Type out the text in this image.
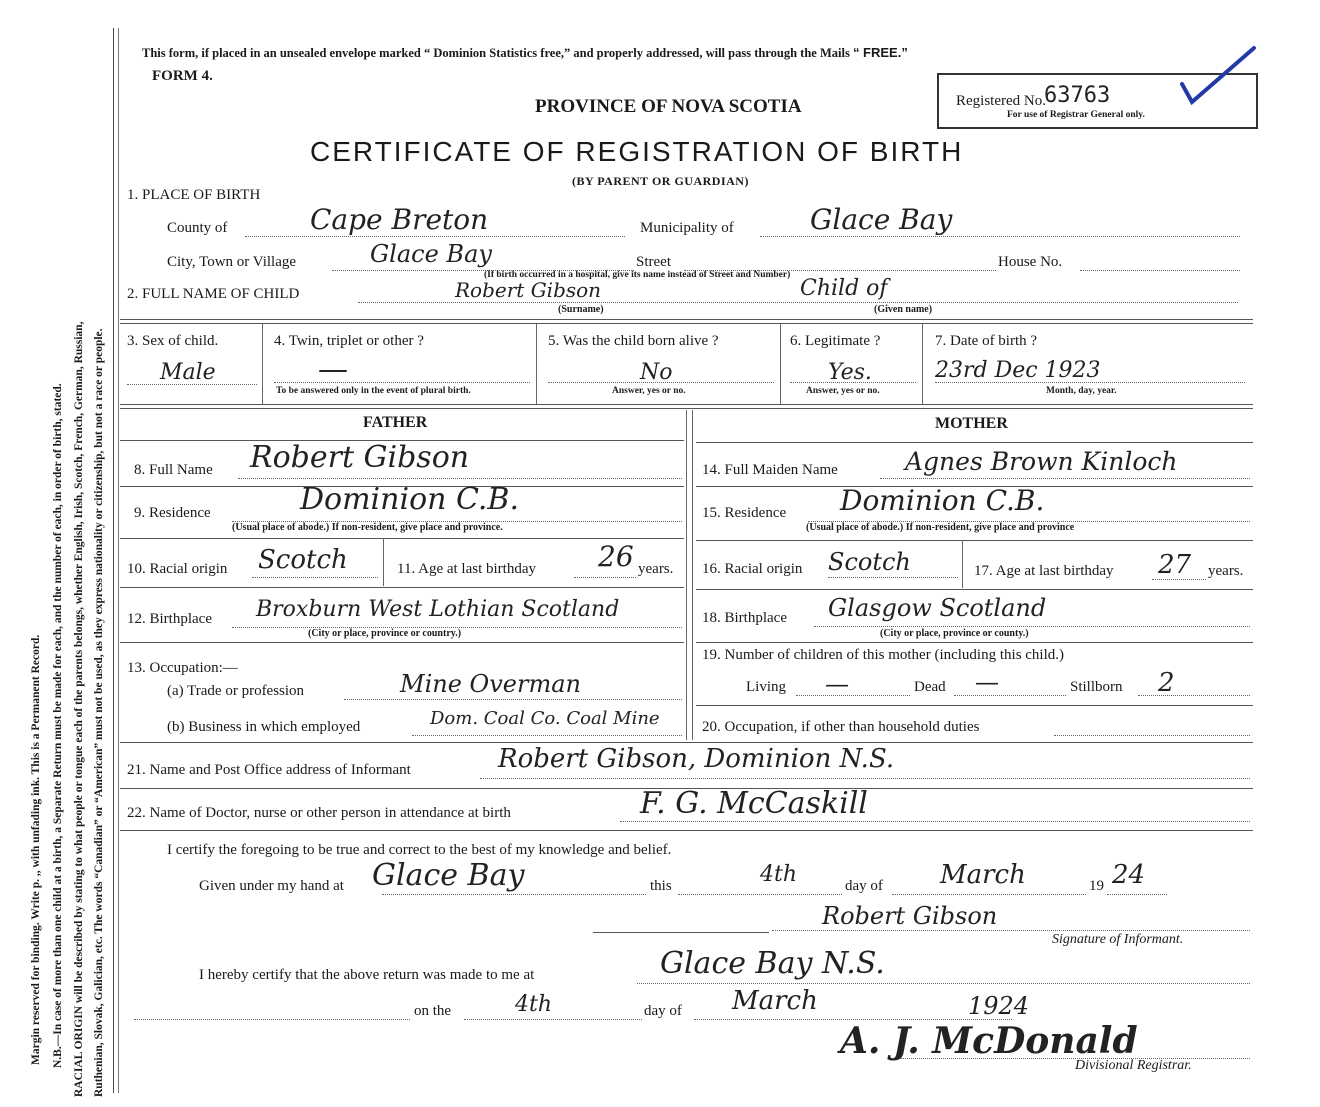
Margin reserved for binding. Write p. ,, with unfading ink. This is a Permanent Record. N.B.—In case of more than one child at a birth, a Separate Return must be made for each, and the number of each, in order of birth, stated. RACIAL ORIGIN will be described by stating to what people or tongue each of the parents belongs, whether English, Irish, Scotch, French, German, Russian, Ruthenian, Slovak, Galician, etc. The words “Canadian” or “American” must not be used, as they express nationality or citizenship, but not a race or people.
This form, if placed in an unsealed envelope marked “ Dominion Statistics free,” and properly addressed, will pass through the Mails “ FREE.”
FORM 4.
PROVINCE OF NOVA SCOTIA
CERTIFICATE OF REGISTRATION OF BIRTH
(BY PARENT OR GUARDIAN)
Registered No.
63763
For use of Registrar General only.
1. PLACE OF BIRTH
County of	Cape Breton	Municipality of	Glace Bay
City, Town or Village	Glace Bay	Street	House No.
(If birth occurred in a hospital, give its name instead of Street and Number)
2. FULL NAME OF CHILD	Robert Gibson	Child of
(Surname)	(Given name)
3. Sex of child.
Male
4. Twin, triplet or other ?
—
To be answered only in the event of plural birth.
5. Was the child born alive ?
No
Answer, yes or no.
6. Legitimate ?
Yes.
Answer, yes or no.
7. Date of birth ?
23rd Dec 1923
Month, day, year.
FATHER	MOTHER
8. Full Name Robert Gibson	14. Full Maiden Name	Agnes Brown Kinloch
9. Residence	Dominion C.B.
(Usual place of abode.) If non-resident, give place and province.
15. Residence Dominion C.B.
(Usual place of abode.) If non-resident, give place and province
10. Racial origin Scotch	11. Age at last birthday 26 years. 16. Racial origin Scotch	17. Age at last birthday 27 years.
12. Birthplace Broxburn West Lothian Scotland
(City or place, province or country.)
18. Birthplace Glasgow Scotland
(City or place, province or county.)
13. Occupation:—
(a) Trade or profession	Mine Overman
(b) Business in which employed	Dom. Coal Co. Coal Mine
19. Number of children of this mother (including this child.)
Living —	Dead —	Stillborn 2
20. Occupation, if other than household duties
21. Name and Post Office address of Informant	Robert Gibson, Dominion N.S.
22. Name of Doctor, nurse or other person in attendance at birth	F. G. McCaskill
I certify the foregoing to be true and correct to the best of my knowledge and belief.
Given under my hand at Glace Bay	this	4th	day of March	19 24
Robert Gibson
Signature of Informant.
I hereby certify that the above return was made to me at	Glace Bay N.S.
on the	4th	day of March	1924
A. J. McDonald
Divisional Registrar.
